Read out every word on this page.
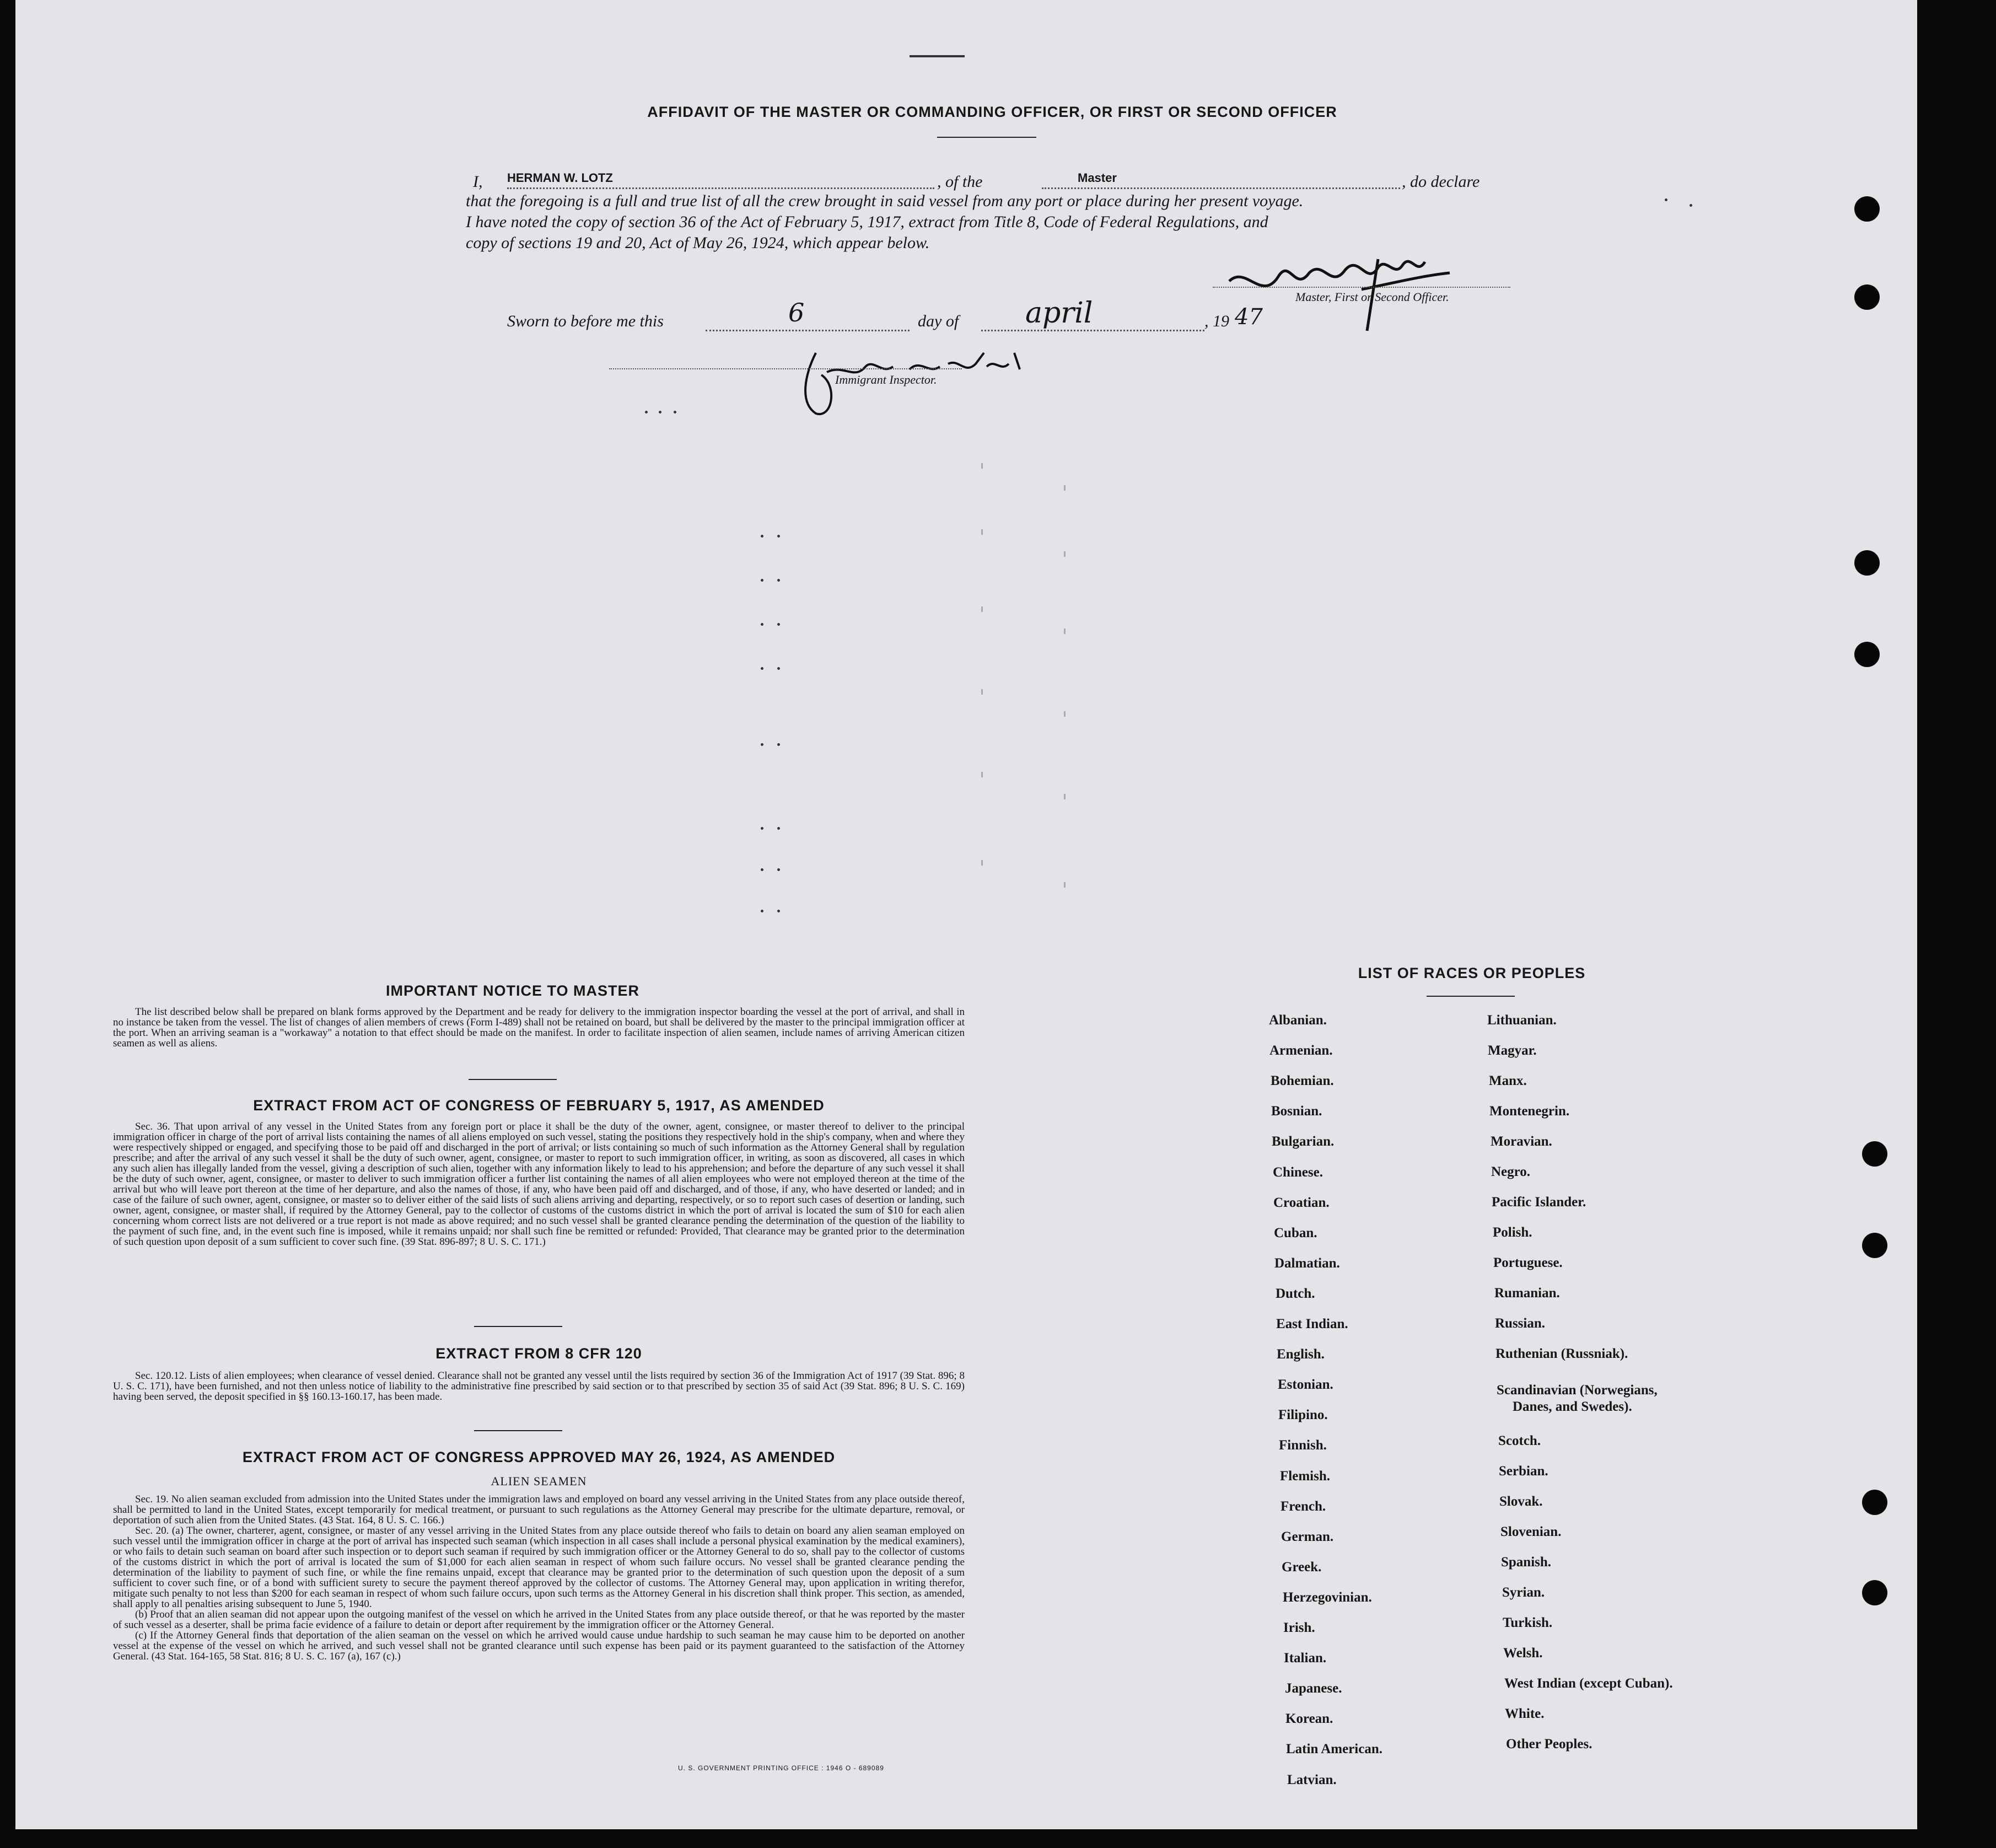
AFFIDAVIT OF THE MASTER OR COMMANDING OFFICER, OR FIRST OR SECOND OFFICER
I, HERMAN W. LOTZ	, of the	Master	, do declare
that the foregoing is a full and true list of all the crew brought in said vessel from any port or place during her present voyage.
I have noted the copy of section 36 of the Act of February 5, 1917, extract from Title 8, Code of Federal Regulations, and
copy of sections 19 and 20, Act of May 26, 1924, which appear below.
Master, First or Second Officer.
Sworn to before me this	6	day of april	, 19 47
Immigrant Inspector.
IMPORTANT NOTICE TO MASTER

The list described below shall be prepared on blank forms approved by the Department and be ready for delivery to the immigration inspector boarding the vessel at the port of arrival, and shall in no instance be taken from the vessel. The list of changes of alien members of crews (Form I-489) shall not be retained on board, but shall be delivered by the master to the principal immigration officer at the port. When an arriving seaman is a "workaway" a notation to that effect should be made on the manifest. In order to facilitate inspection of alien seamen, include names of arriving American citizen seamen as well as aliens.

EXTRACT FROM ACT OF CONGRESS OF FEBRUARY 5, 1917, AS AMENDED

Sec. 36. That upon arrival of any vessel in the United States from any foreign port or place it shall be the duty of the owner, agent, consignee, or master thereof to deliver to the principal immigration officer in charge of the port of arrival lists containing the names of all aliens employed on such vessel, stating the positions they respectively hold in the ship's company, when and where they were respectively shipped or engaged, and specifying those to be paid off and discharged in the port of arrival; or lists containing so much of such information as the Attorney General shall by regulation prescribe; and after the arrival of any such vessel it shall be the duty of such owner, agent, consignee, or master to report to such immigration officer, in writing, as soon as discovered, all cases in which any such alien has illegally landed from the vessel, giving a description of such alien, together with any information likely to lead to his apprehension; and before the departure of any such vessel it shall be the duty of such owner, agent, consignee, or master to deliver to such immigration officer a further list containing the names of all alien employees who were not employed thereon at the time of the arrival but who will leave port thereon at the time of her departure, and also the names of those, if any, who have been paid off and discharged, and of those, if any, who have deserted or landed; and in case of the failure of such owner, agent, consignee, or master so to deliver either of the said lists of such aliens arriving and departing, respectively, or so to report such cases of desertion or landing, such owner, agent, consignee, or master shall, if required by the Attorney General, pay to the collector of customs of the customs district in which the port of arrival is located the sum of $10 for each alien concerning whom correct lists are not delivered or a true report is not made as above required; and no such vessel shall be granted clearance pending the determination of the question of the liability to the payment of such fine, and, in the event such fine is imposed, while it remains unpaid; nor shall such fine be remitted or refunded: Provided, That clearance may be granted prior to the determination of such question upon deposit of a sum sufficient to cover such fine. (39 Stat. 896-897; 8 U. S. C. 171.)

EXTRACT FROM 8 CFR 120

Sec. 120.12. Lists of alien employees; when clearance of vessel denied. Clearance shall not be granted any vessel until the lists required by section 36 of the Immigration Act of 1917 (39 Stat. 896; 8 U. S. C. 171), have been furnished, and not then unless notice of liability to the administrative fine prescribed by said section or to that prescribed by section 35 of said Act (39 Stat. 896; 8 U. S. C. 169) having been served, the deposit specified in §§ 160.13-160.17, has been made.

EXTRACT FROM ACT OF CONGRESS APPROVED MAY 26, 1924, AS AMENDED
ALIEN SEAMEN

Sec. 19. No alien seaman excluded from admission into the United States under the immigration laws and employed on board any vessel arriving in the United States from any place outside thereof, shall be permitted to land in the United States, except temporarily for medical treatment, or pursuant to such regulations as the Attorney General may prescribe for the ultimate departure, removal, or deportation of such alien from the United States. (43 Stat. 164, 8 U. S. C. 166.)

Sec. 20. (a) The owner, charterer, agent, consignee, or master of any vessel arriving in the United States from any place outside thereof who fails to detain on board any alien seaman employed on such vessel until the immigration officer in charge at the port of arrival has inspected such seaman (which inspection in all cases shall include a personal physical examination by the medical examiners), or who fails to detain such seaman on board after such inspection or to deport such seaman if required by such immigration officer or the Attorney General to do so, shall pay to the collector of customs of the customs district in which the port of arrival is located the sum of $1,000 for each alien seaman in respect of whom such failure occurs. No vessel shall be granted clearance pending the determination of the liability to payment of such fine, or while the fine remains unpaid, except that clearance may be granted prior to the determination of such question upon the deposit of a sum sufficient to cover such fine, or of a bond with sufficient surety to secure the payment thereof approved by the collector of customs. The Attorney General may, upon application in writing therefor, mitigate such penalty to not less than $200 for each seaman in respect of whom such failure occurs, upon such terms as the Attorney General in his discretion shall think proper. This section, as amended, shall apply to all penalties arising subsequent to June 5, 1940.

(b) Proof that an alien seaman did not appear upon the outgoing manifest of the vessel on which he arrived in the United States from any place outside thereof, or that he was reported by the master of such vessel as a deserter, shall be prima facie evidence of a failure to detain or deport after requirement by the immigration officer or the Attorney General.

(c) If the Attorney General finds that deportation of the alien seaman on the vessel on which he arrived would cause undue hardship to such seaman he may cause him to be deported on another vessel at the expense of the vessel on which he arrived, and such vessel shall not be granted clearance until such expense has been paid or its payment guaranteed to the satisfaction of the Attorney General. (43 Stat. 164-165, 58 Stat. 816; 8 U. S. C. 167 (a), 167 (c).)

U. S. GOVERNMENT PRINTING OFFICE : 1946 O - 689089
LIST OF RACES OR PEOPLES
Albanian.
Armenian.
Bohemian.
Bosnian.
Bulgarian.
Chinese.
Croatian.
Cuban.
Dalmatian.
Dutch.
East Indian.
English.
Estonian.
Filipino.
Finnish.
Flemish.
French.
German.
Greek.
Herzegovinian.
Irish.
Italian.
Japanese.
Korean.
Latin American.
Latvian.
Lithuanian.
Magyar.
Manx.
Montenegrin.
Moravian.
Negro.
Pacific Islander.
Polish.
Portuguese.
Rumanian.
Russian.
Ruthenian (Russniak).
Scandinavian (Norwegians,
Danes, and Swedes).
Scotch.
Serbian.
Slovak.
Slovenian.
Spanish.
Syrian.
Turkish.
Welsh.
West Indian (except Cuban).
White.
Other Peoples.
